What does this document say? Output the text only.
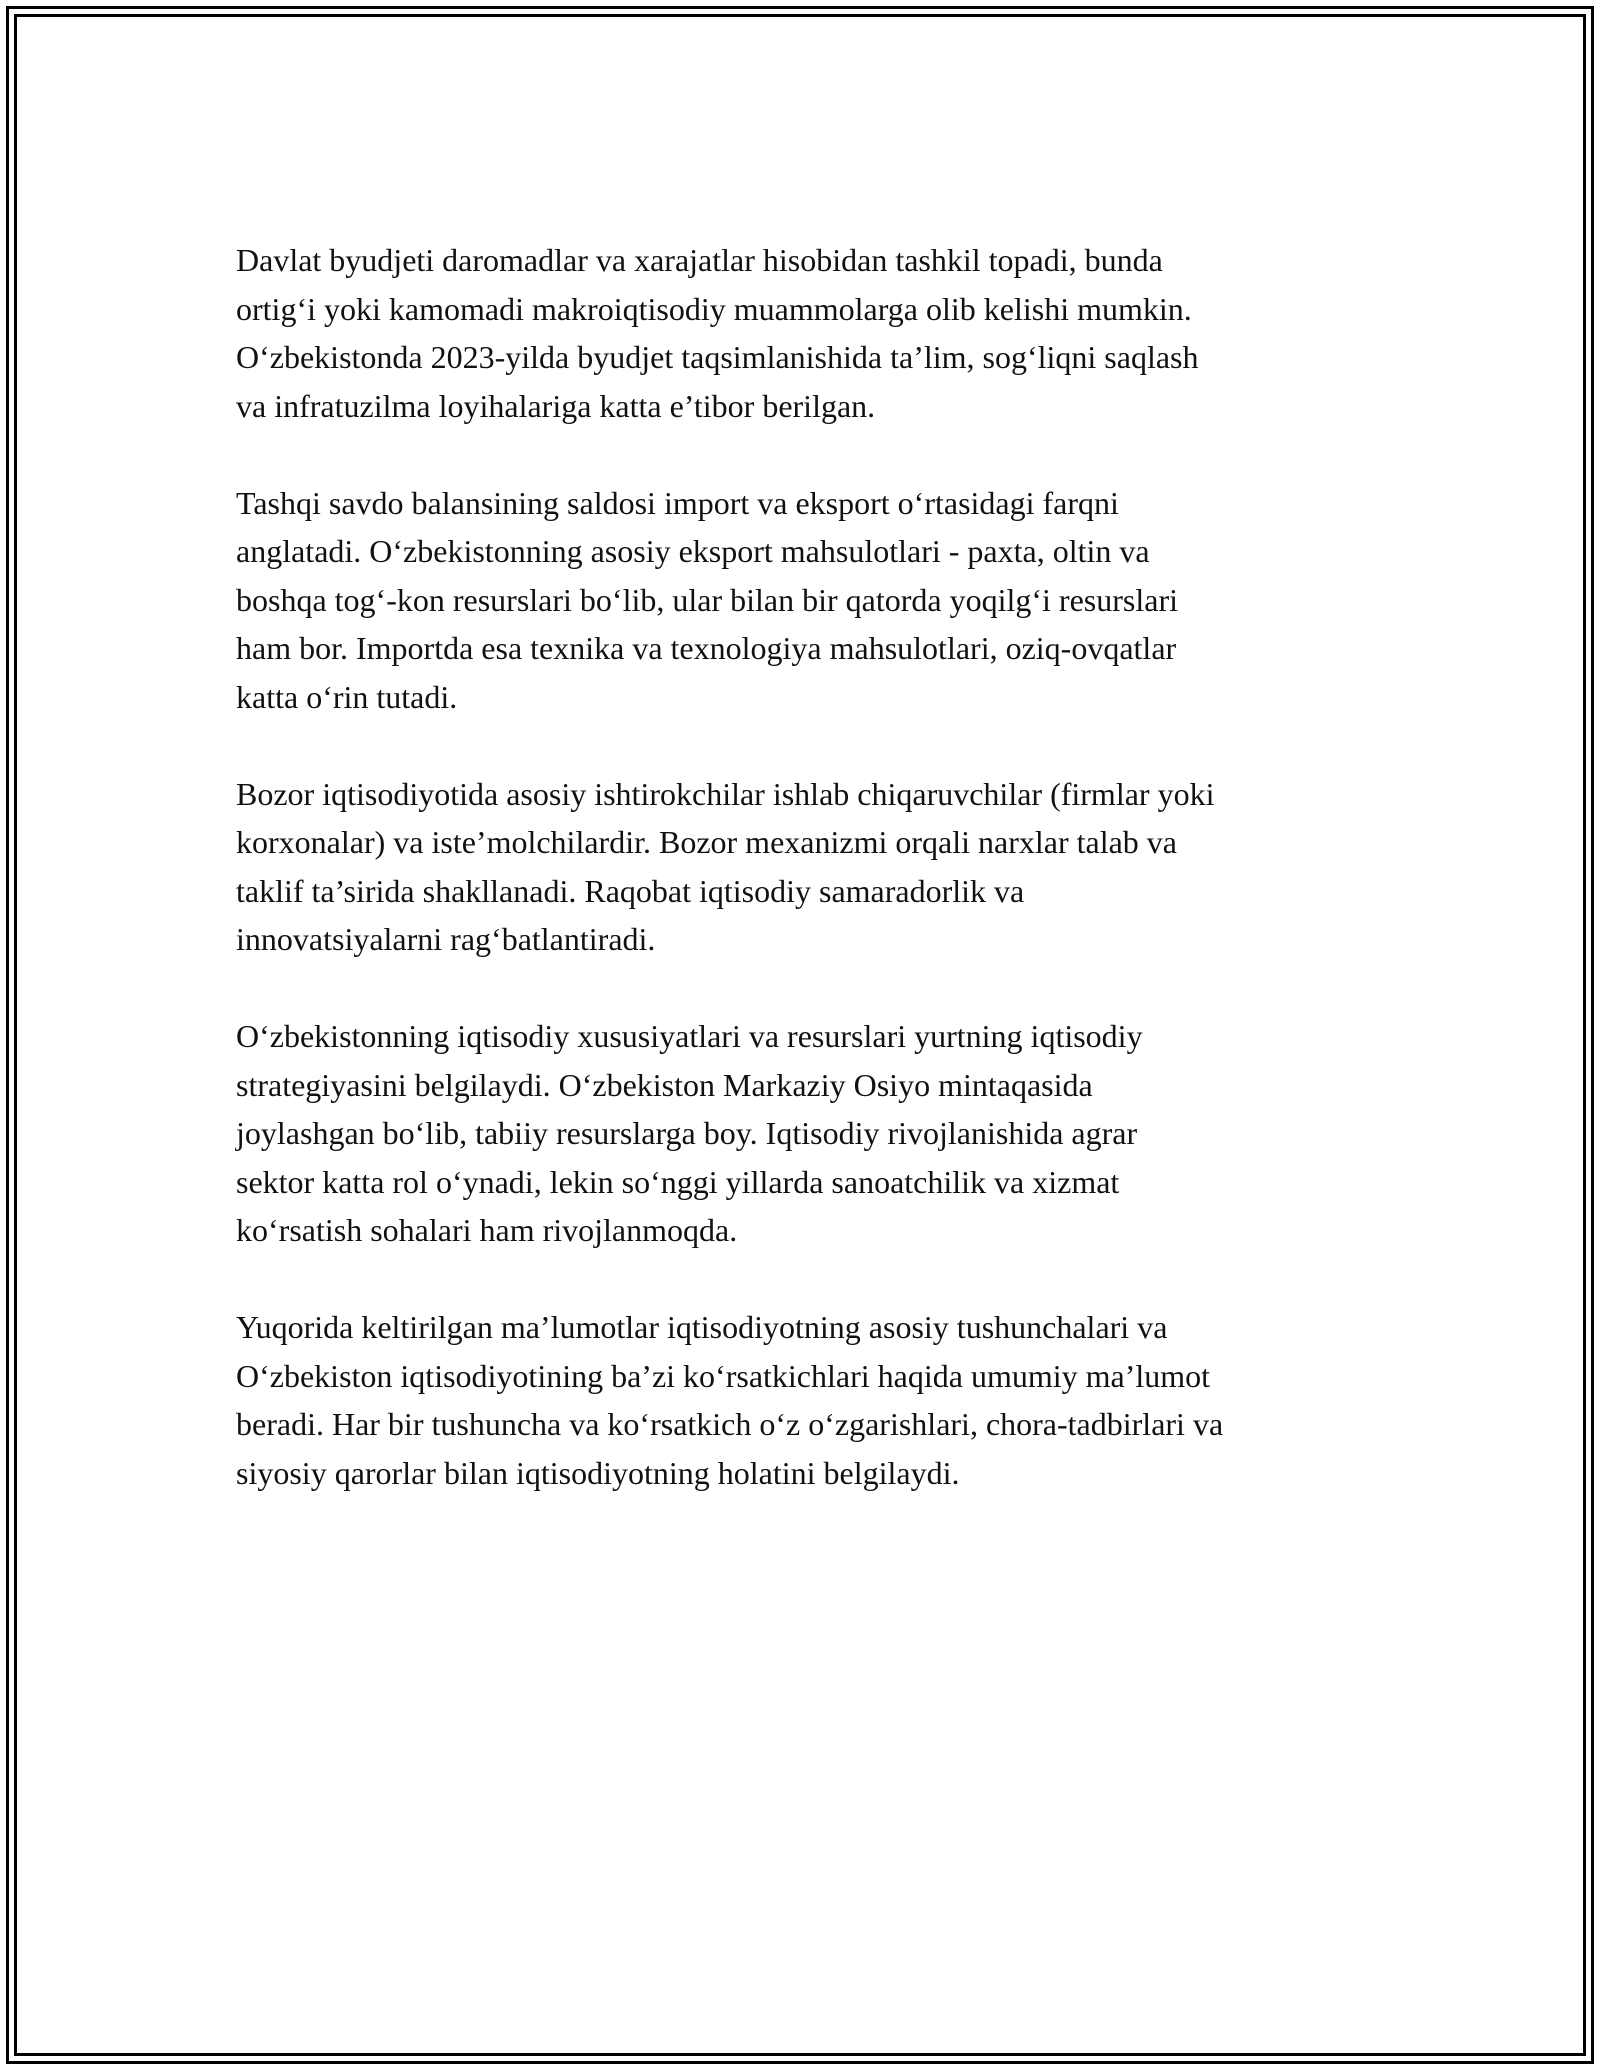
Davlat byudjeti daromadlar va xarajatlar hisobidan tashkil topadi, bunda
ortig‘i yoki kamomadi makroiqtisodiy muammolarga olib kelishi mumkin.
O‘zbekistonda 2023-yilda byudjet taqsimlanishida ta’lim, sog‘liqni saqlash
va infratuzilma loyihalariga katta e’tibor berilgan.

Tashqi savdo balansining saldosi import va eksport o‘rtasidagi farqni
anglatadi. O‘zbekistonning asosiy eksport mahsulotlari - paxta, oltin va
boshqa tog‘-kon resurslari bo‘lib, ular bilan bir qatorda yoqilg‘i resurslari
ham bor. Importda esa texnika va texnologiya mahsulotlari, oziq-ovqatlar
katta o‘rin tutadi.

Bozor iqtisodiyotida asosiy ishtirokchilar ishlab chiqaruvchilar (firmlar yoki
korxonalar) va iste’molchilardir. Bozor mexanizmi orqali narxlar talab va
taklif ta’sirida shakllanadi. Raqobat iqtisodiy samaradorlik va
innovatsiyalarni rag‘batlantiradi.

O‘zbekistonning iqtisodiy xususiyatlari va resurslari yurtning iqtisodiy
strategiyasini belgilaydi. O‘zbekiston Markaziy Osiyo mintaqasida
joylashgan bo‘lib, tabiiy resurslarga boy. Iqtisodiy rivojlanishida agrar
sektor katta rol o‘ynadi, lekin so‘nggi yillarda sanoatchilik va xizmat
ko‘rsatish sohalari ham rivojlanmoqda.

Yuqorida keltirilgan ma’lumotlar iqtisodiyotning asosiy tushunchalari va
O‘zbekiston iqtisodiyotining ba’zi ko‘rsatkichlari haqida umumiy ma’lumot
beradi. Har bir tushuncha va ko‘rsatkich o‘z o‘zgarishlari, chora-tadbirlari va
siyosiy qarorlar bilan iqtisodiyotning holatini belgilaydi.
